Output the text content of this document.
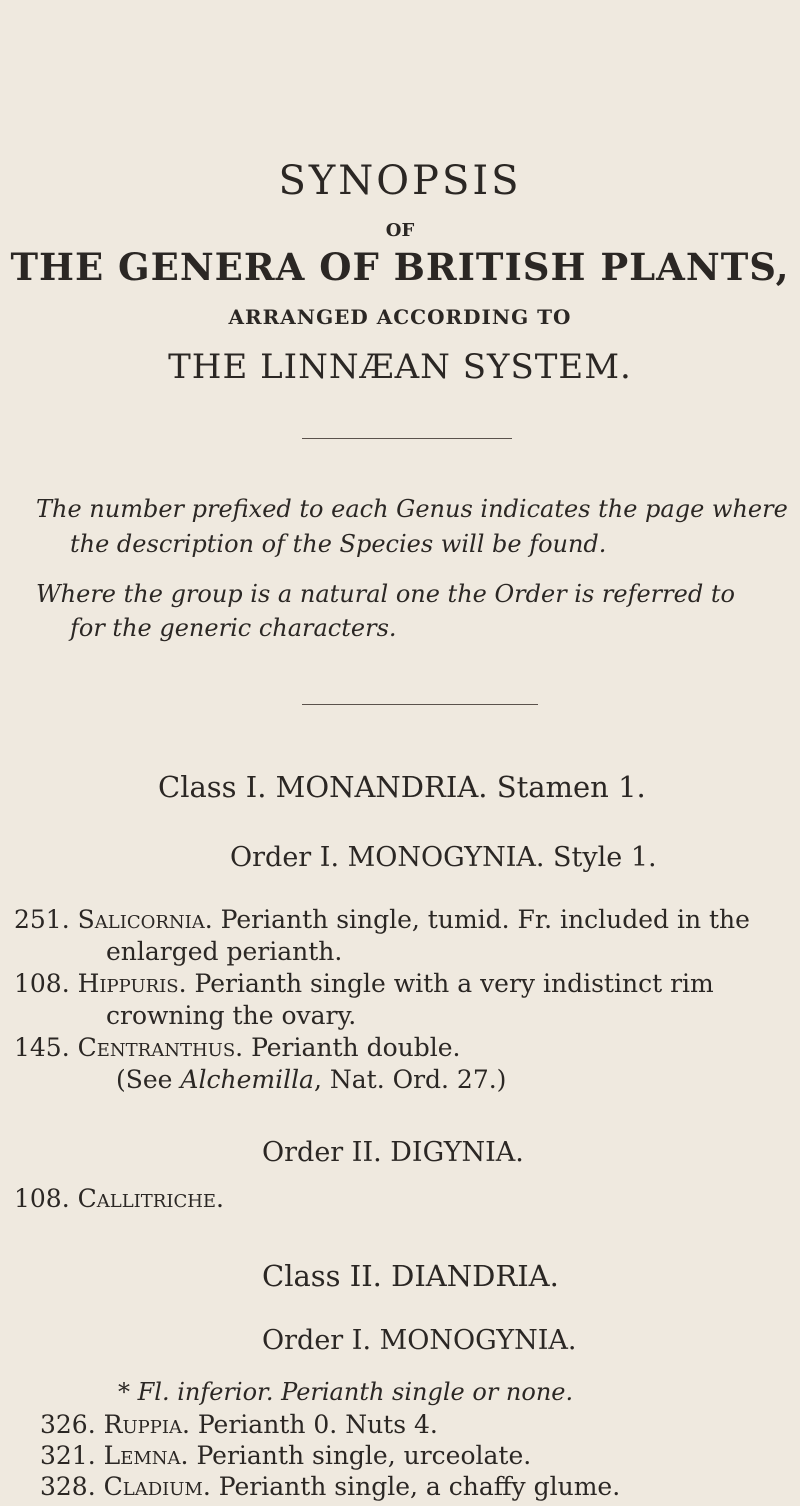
SYNOPSIS
OF
THE GENERA OF BRITISH PLANTS,
ARRANGED ACCORDING TO
THE LINNÆAN SYSTEM.
The number prefixed to each Genus indicates the page where
the description of the Species will be found.
Where the group is a natural one the Order is referred to
for the generic characters.
Class I. MONANDRIA. Stamen 1.
Order I. MONOGYNIA. Style 1.
251. Salicornia. Perianth single, tumid. Fr. included in the
enlarged perianth.
108. Hippuris. Perianth single with a very indistinct rim
crowning the ovary.
145. Centranthus. Perianth double.
(See Alchemilla, Nat. Ord. 27.)
Order II. DIGYNIA.
108. Callitriche.
Class II. DIANDRIA.
Order I. MONOGYNIA.
* Fl. inferior. Perianth single or none.
326. Ruppia. Perianth 0. Nuts 4.
321. Lemna. Perianth single, urceolate.
328. Cladium. Perianth single, a chaffy glume.
